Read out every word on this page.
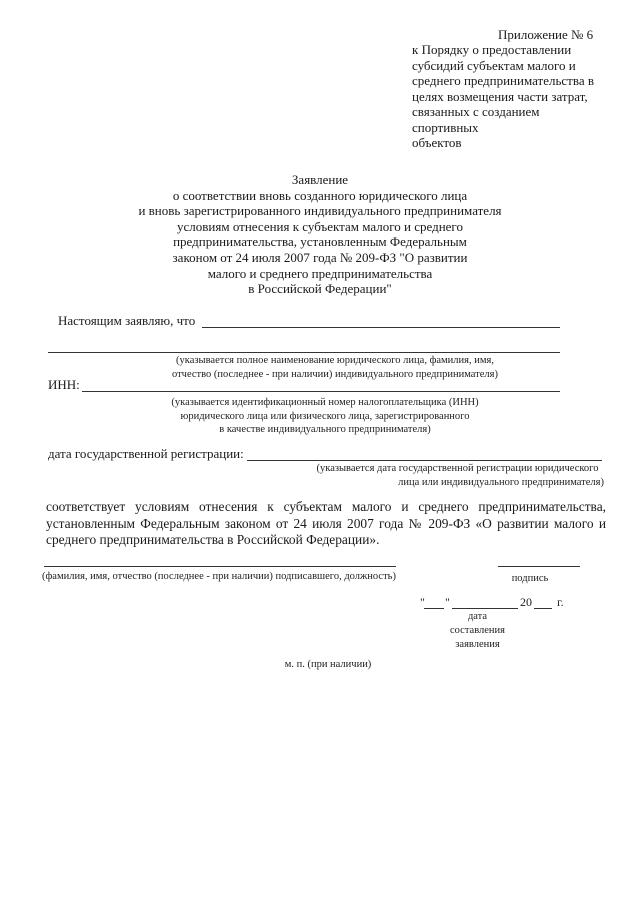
Приложение № 6
к Порядку о предоставлении
субсидий субъектам малого и
среднего предпринимательства в
целях возмещения части затрат,
связанных с созданием спортивных
объектов
Заявление
о соответствии вновь созданного юридического лица
и вновь зарегистрированного индивидуального предпринимателя
условиям отнесения к субъектам малого и среднего
предпринимательства, установленным Федеральным
законом от 24 июля 2007 года № 209-ФЗ "О развитии
малого и среднего предпринимательства
в Российской Федерации"
Настоящим заявляю, что
(указывается полное наименование юридического лица, фамилия, имя,
отчество (последнее - при наличии) индивидуального предпринимателя)
ИНН:
(указывается идентификационный номер налогоплательщика (ИНН)
юридического лица или физического лица, зарегистрированного
в качестве индивидуального предпринимателя)
дата государственной регистрации:
(указывается дата государственной регистрации юридического
лица или индивидуального предпринимателя)
соответствует условиям отнесения к субъектам малого и среднего предпринимательства, установленным Федеральным законом от 24 июля 2007 года № 209-ФЗ «О развитии малого и среднего предпринимательства в Российской Федерации».
(фамилия, имя, отчество (последнее - при наличии) подписавшего, должность)	подпись
" "	20 г.
дата
составления
заявления
м. п. (при наличии)
